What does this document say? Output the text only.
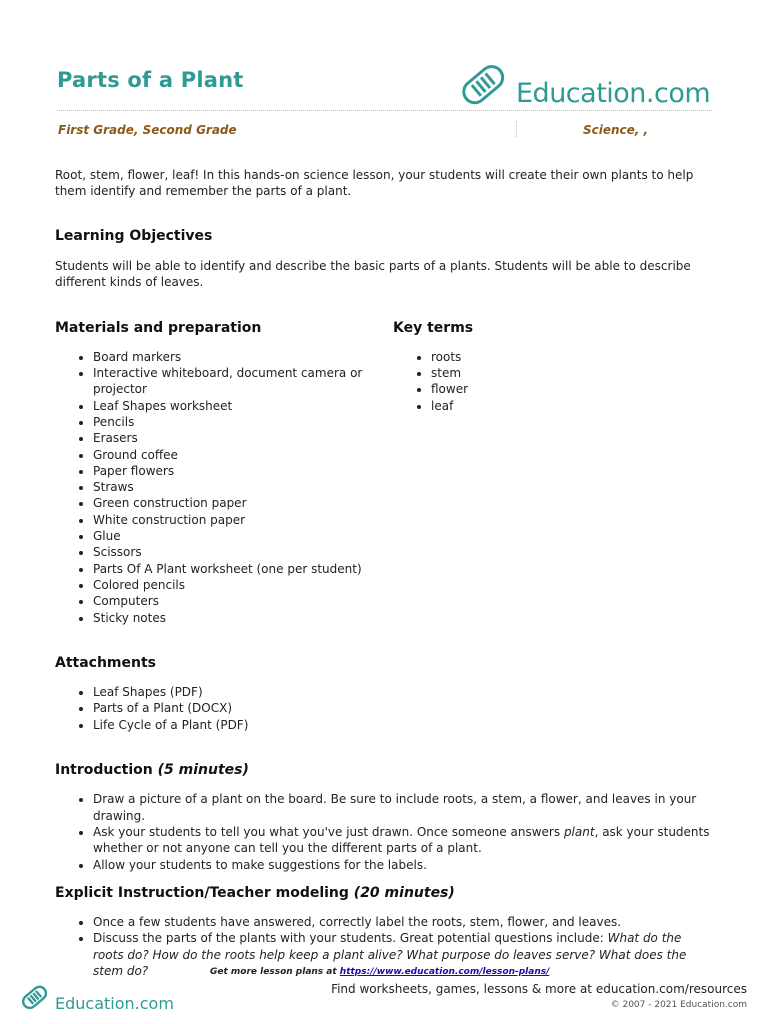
Parts of a Plant	Education.com
First Grade, Second Grade	Science, ,

Root, stem, flower, leaf! In this hands-on science lesson, your students will create their own plants to help them identify and remember the parts of a plant.

Learning Objectives

Students will be able to identify and describe the basic parts of a plants. Students will be able to describe different kinds of leaves.

Materials and preparation
• Board markers
• Interactive whiteboard, document camera or projector
• Leaf Shapes worksheet
• Pencils
• Erasers
• Ground coffee
• Paper flowers
• Straws
• Green construction paper
• White construction paper
• Glue
• Scissors
• Parts Of A Plant worksheet (one per student)
• Colored pencils
• Computers
• Sticky notes
Key terms
• roots
• stem
• flower
• leaf
Attachments
• Leaf Shapes (PDF)
• Parts of a Plant (DOCX)
• Life Cycle of a Plant (PDF)
Introduction (5 minutes)
• Draw a picture of a plant on the board. Be sure to include roots, a stem, a flower, and leaves in your drawing.
• Ask your students to tell you what you've just drawn. Once someone answers plant, ask your students whether or not anyone can tell you the different parts of a plant.
• Allow your students to make suggestions for the labels.
Explicit Instruction/Teacher modeling (20 minutes)
• Once a few students have answered, correctly label the roots, stem, flower, and leaves.
• Discuss the parts of the plants with your students. Great potential questions include: What do the roots do? How do the roots help keep a plant alive? What purpose do leaves serve? What does the stem do?	Get more lesson plans at https://www.education.com/lesson-plans/
Education.com
Find worksheets, games, lessons & more at education.com/resources
© 2007 - 2021 Education.com
